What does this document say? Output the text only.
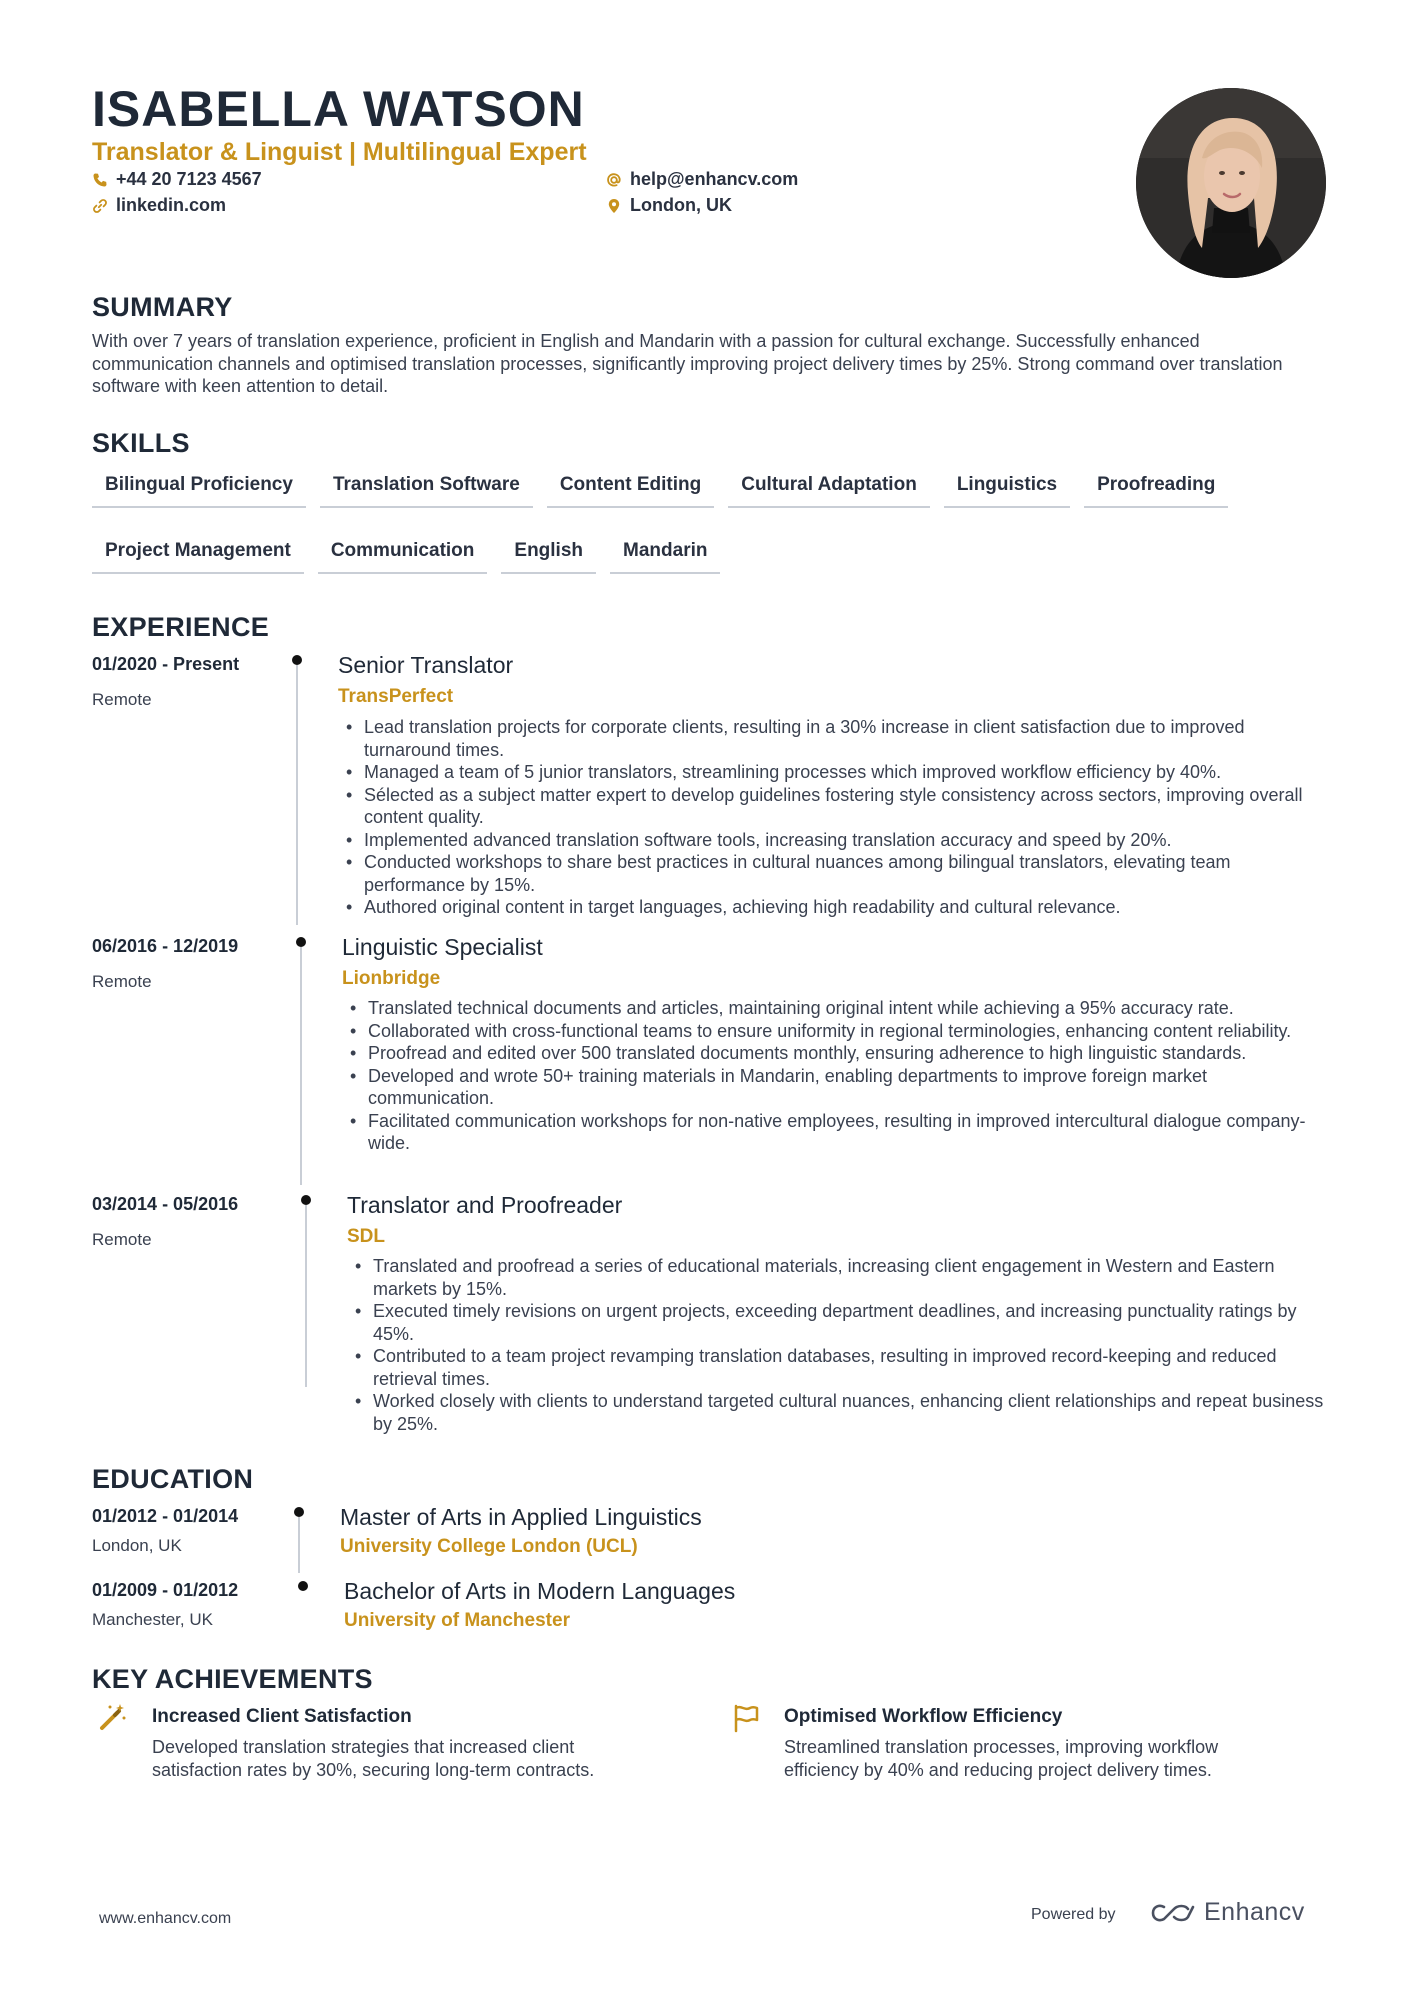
ISABELLA WATSON
Translator & Linguist | Multilingual Expert
+44 20 7123 4567	help@enhancv.com
linkedin.com	London, UK
SUMMARY
With over 7 years of translation experience, proficient in English and Mandarin with a passion for cultural exchange. Successfully enhanced communication channels and optimised translation processes, significantly improving project delivery times by 25%. Strong command over translation software with keen attention to detail.
SKILLS
Bilingual Proficiency	Translation Software	Content Editing	Cultural Adaptation	Linguistics	Proofreading
Project Management	Communication	English	Mandarin
EXPERIENCE
01/2020 - Present
Remote
Senior Translator
TransPerfect
• Lead translation projects for corporate clients, resulting in a 30% increase in client satisfaction due to improved turnaround times.
• Managed a team of 5 junior translators, streamlining processes which improved workflow efficiency by 40%.
• Sélected as a subject matter expert to develop guidelines fostering style consistency across sectors, improving overall content quality.
• Implemented advanced translation software tools, increasing translation accuracy and speed by 20%.
• Conducted workshops to share best practices in cultural nuances among bilingual translators, elevating team performance by 15%.
• Authored original content in target languages, achieving high readability and cultural relevance.
06/2016 - 12/2019
Remote
Linguistic Specialist
Lionbridge
• Translated technical documents and articles, maintaining original intent while achieving a 95% accuracy rate.
• Collaborated with cross-functional teams to ensure uniformity in regional terminologies, enhancing content reliability.
• Proofread and edited over 500 translated documents monthly, ensuring adherence to high linguistic standards.
• Developed and wrote 50+ training materials in Mandarin, enabling departments to improve foreign market communication.
• Facilitated communication workshops for non-native employees, resulting in improved intercultural dialogue company-wide.
03/2014 - 05/2016
Remote
Translator and Proofreader
SDL
• Translated and proofread a series of educational materials, increasing client engagement in Western and Eastern markets by 15%.
• Executed timely revisions on urgent projects, exceeding department deadlines, and increasing punctuality ratings by 45%.
• Contributed to a team project revamping translation databases, resulting in improved record-keeping and reduced retrieval times.
• Worked closely with clients to understand targeted cultural nuances, enhancing client relationships and repeat business by 25%.
EDUCATION
01/2012 - 01/2014
London, UK
Master of Arts in Applied Linguistics
University College London (UCL)
01/2009 - 01/2012
Manchester, UK
Bachelor of Arts in Modern Languages
University of Manchester
KEY ACHIEVEMENTS
Increased Client Satisfaction
Developed translation strategies that increased client satisfaction rates by 30%, securing long-term contracts.
Optimised Workflow Efficiency
Streamlined translation processes, improving workflow efficiency by 40% and reducing project delivery times.
www.enhancv.com	Powered by	Enhancv
